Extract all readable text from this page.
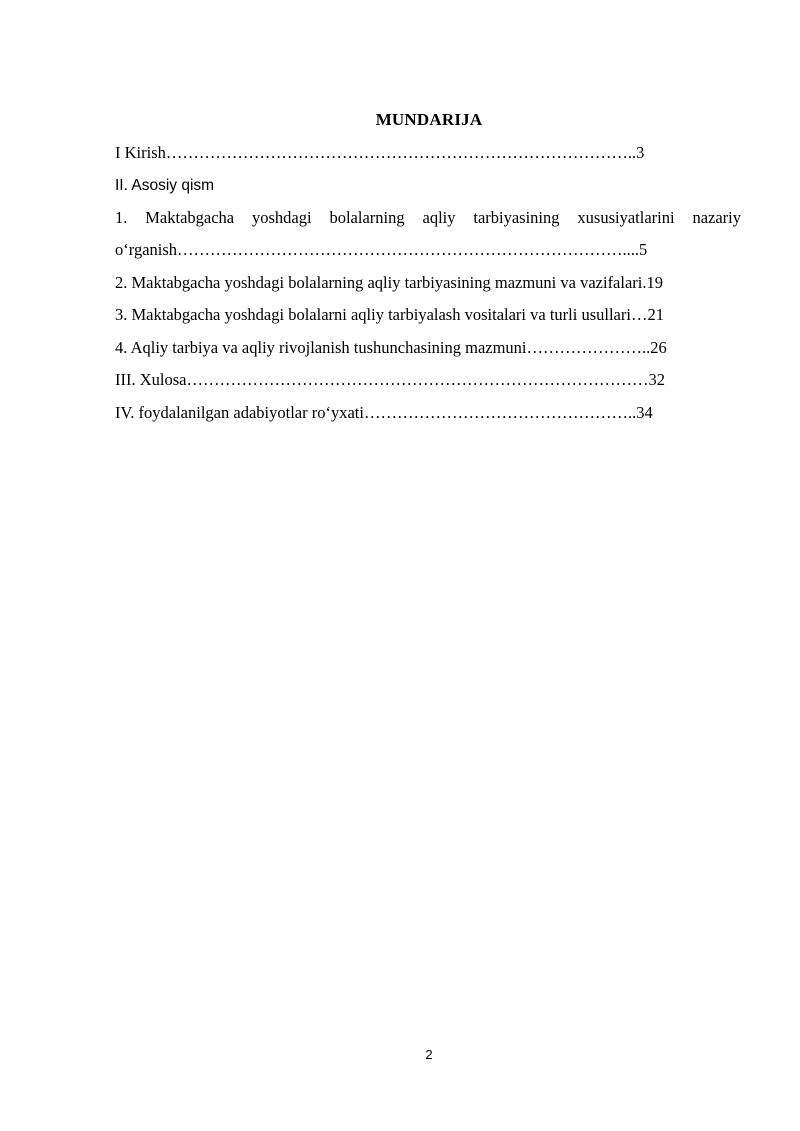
MUNDARIJA
I Kirish…………………………………………………………………………..3
II. Asosiy qism
1. Maktabgacha yoshdagi bolalarning aqliy tarbiyasining xususiyatlarini nazariy
o‘rganish………………………………………………………………………....5
2. Maktabgacha yoshdagi bolalarning aqliy tarbiyasining mazmuni va vazifalari.19
3. Maktabgacha yoshdagi bolalarni aqliy tarbiyalash vositalari va turli usullari…21
4. Aqliy tarbiya va aqliy rivojlanish tushunchasining mazmuni…………………..26
III. Xulosa…………………………………………………………………………32
IV. foydalanilgan adabiyotlar ro‘yxati…………………………………………..34
2
